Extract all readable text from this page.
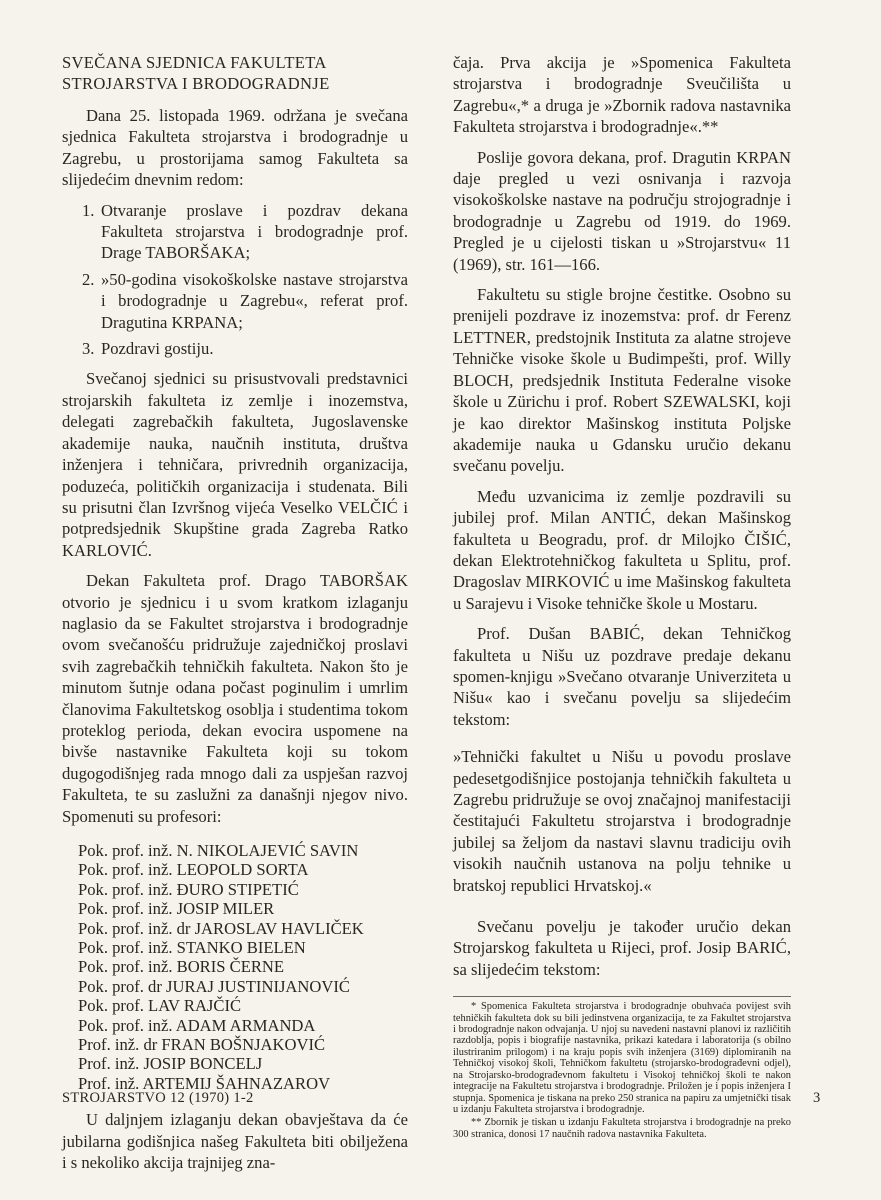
SVEČANA SJEDNICA FAKULTETA
STROJARSTVA I BRODOGRADNJE

Dana 25. listopada 1969. održana je svečana sjednica Fakulteta strojarstva i brodogradnje u Zagrebu, u prostorijama samog Fakulteta sa slijedećim dnevnim redom:

1. Otvaranje proslave i pozdrav dekana Fakulteta strojarstva i brodogradnje prof. Drage TABORŠAKA;
2. »50-godina visokoškolske nastave strojarstva i brodogradnje u Zagrebu«, referat prof. Dragutina KRPANA;
3. Pozdravi gostiju.

Svečanoj sjednici su prisustvovali predstavnici strojarskih fakulteta iz zemlje i inozemstva, delegati zagrebačkih fakulteta, Jugoslavenske akademije nauka, naučnih instituta, društva inženjera i tehničara, privrednih organizacija, poduzeća, političkih organizacija i studenata. Bili su prisutni član Izvršnog vijeća Veselko VELČIĆ i potpredsjednik Skupštine grada Zagreba Ratko KARLOVIĆ.

Dekan Fakulteta prof. Drago TABORŠAK otvorio je sjednicu i u svom kratkom izlaganju naglasio da se Fakultet strojarstva i brodogradnje ovom svečanošću pridružuje zajedničkoj proslavi svih zagrebačkih tehničkih fakulteta. Nakon što je minutom šutnje odana počast poginulim i umrlim članovima Fakultetskog osoblja i studentima tokom proteklog perioda, dekan evocira uspomene na bivše nastavnike Fakulteta koji su tokom dugogodišnjeg rada mnogo dali za uspješan razvoj Fakulteta, te su zaslužni za današnji njegov nivo. Spomenuti su profesori:

Pok. prof. inž. N. NIKOLAJEVIĆ SAVIN
Pok. prof. inž. LEOPOLD SORTA
Pok. prof. inž. ĐURO STIPETIĆ
Pok. prof. inž. JOSIP MILER
Pok. prof. inž. dr JAROSLAV HAVLIČEK
Pok. prof. inž. STANKO BIELEN
Pok. prof. inž. BORIS ČERNE
Pok. prof. dr JURAJ JUSTINIJANOVIĆ
Pok. prof. LAV RAJČIĆ
Pok. prof. inž. ADAM ARMANDA
Prof. inž. dr FRAN BOŠNJAKOVIĆ
Prof. inž. JOSIP BONCELJ
Prof. inž. ARTEMIJ ŠAHNAZAROV

U daljnjem izlaganju dekan obavještava da će jubilarna godišnjica našeg Fakulteta biti obilježena i s nekoliko akcija trajnijeg zna-

čaja. Prva akcija je »Spomenica Fakulteta strojarstva i brodogradnje Sveučilišta u Zagrebu«,* a druga je »Zbornik radova nastavnika Fakulteta strojarstva i brodogradnje«.**

Poslije govora dekana, prof. Dragutin KRPAN daje pregled u vezi osnivanja i razvoja visokoškolske nastave na području strojogradnje i brodogradnje u Zagrebu od 1919. do 1969. Pregled je u cijelosti tiskan u »Strojarstvu« 11 (1969), str. 161—166.

Fakultetu su stigle brojne čestitke. Osobno su prenijeli pozdrave iz inozemstva: prof. dr Ferenz LETTNER, predstojnik Instituta za alatne strojeve Tehničke visoke škole u Budimpešti, prof. Willy BLOCH, predsjednik Instituta Federalne visoke škole u Zürichu i prof. Robert SZEWALSKI, koji je kao direktor Mašinskog instituta Poljske akademije nauka u Gdansku uručio dekanu svečanu povelju.

Među uzvanicima iz zemlje pozdravili su jubilej prof. Milan ANTIĆ, dekan Mašinskog fakulteta u Beogradu, prof. dr Milojko ČIŠIĆ, dekan Elektrotehničkog fakulteta u Splitu, prof. Dragoslav MIRKOVIĆ u ime Mašinskog fakulteta u Sarajevu i Visoke tehničke škole u Mostaru.

Prof. Dušan BABIĆ, dekan Tehničkog fakulteta u Nišu uz pozdrave predaje dekanu spomen-knjigu »Svečano otvaranje Univerziteta u Nišu« kao i svečanu povelju sa slijedećim tekstom:

»Tehnički fakultet u Nišu u povodu proslave pedesetgodišnjice postojanja tehničkih fakulteta u Zagrebu pridružuje se ovoj značajnoj manifestaciji čestitajući Fakultetu strojarstva i brodogradnje jubilej sa željom da nastavi slavnu tradiciju ovih visokih naučnih ustanova na polju tehnike u bratskoj republici Hrvatskoj.«

Svečanu povelju je također uručio dekan Strojarskog fakulteta u Rijeci, prof. Josip BARIĆ, sa slijedećim tekstom:

* Spomenica Fakulteta strojarstva i brodogradnje obuhvaća povijest svih tehničkih fakulteta dok su bili jedinstvena organizacija, te za Fakultet strojarstva i brodogradnje nakon odvajanja. U njoj su navedeni nastavni planovi iz različitih razdoblja, popis i biografije nastavnika, prikazi katedara i laboratorija (s obilno ilustriranim prilogom) i na kraju popis svih inženjera (3169) diplomiranih na Tehničkoj visokoj školi, Tehničkom fakultetu (strojarsko-brodograđevni odjel), na Strojarsko-brodograđevnom fakultetu i Visokoj tehničkoj školi te nakon integracije na Fakultetu strojarstva i brodogradnje. Priložen je i popis inženjera I stupnja. Spomenica je tiskana na preko 250 stranica na papiru za umjetnički tisak u izdanju Fakulteta strojarstva i brodogradnje.

** Zbornik je tiskan u izdanju Fakulteta strojarstva i brodogradnje na preko 300 stranica, donosi 17 naučnih radova nastavnika Fakulteta.

STROJARSTVO 12 (1970) 1-2	3
